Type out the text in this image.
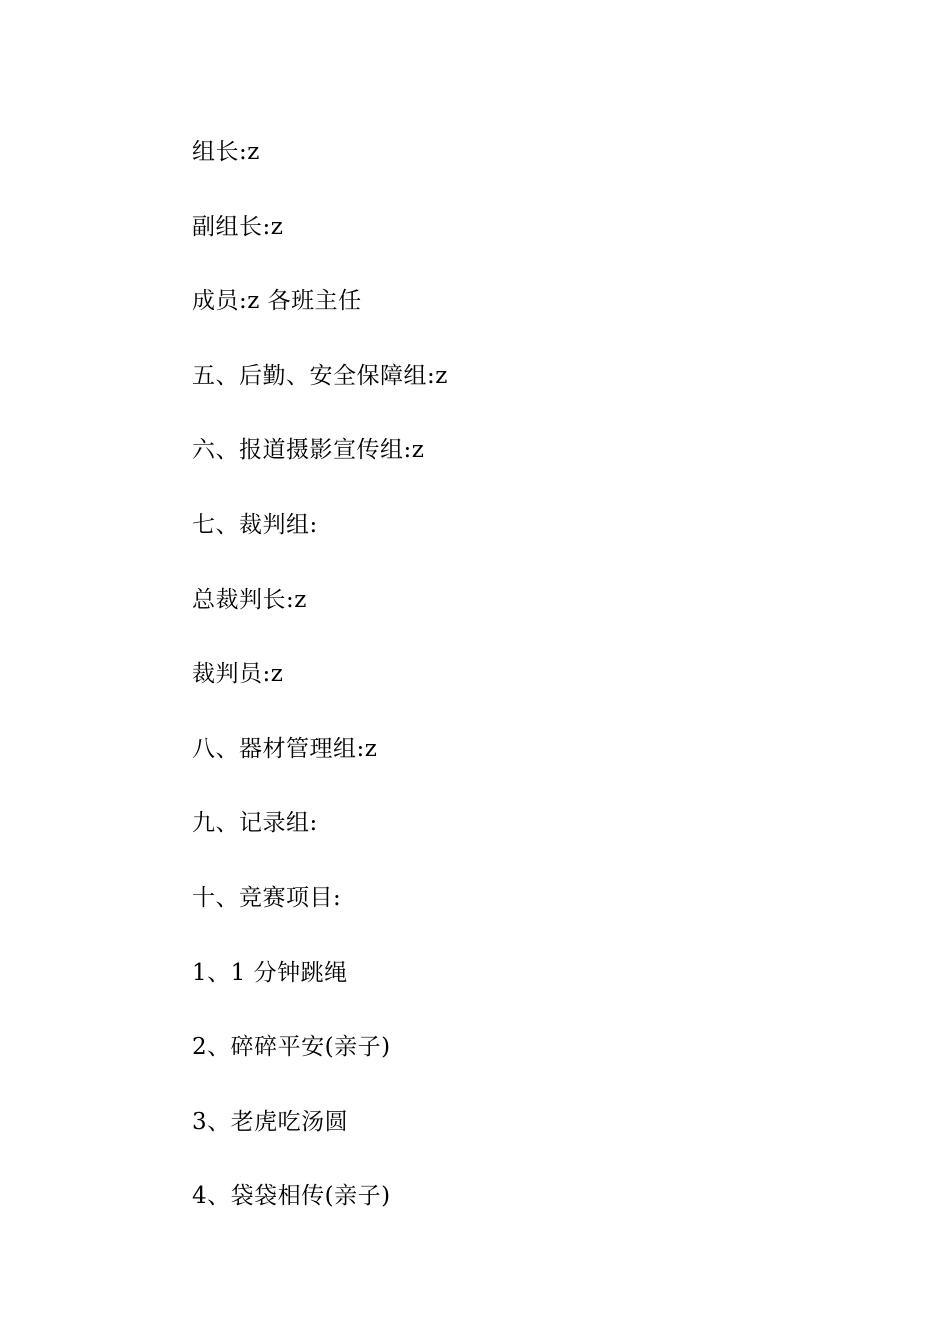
组长:z
副组长:z
成员:z 各班主任
五、后勤、安全保障组:z
六、报道摄影宣传组:z
七、裁判组:
总裁判长:z
裁判员:z
八、器材管理组:z
九、记录组:
十、竞赛项目:
1、1 分钟跳绳
2、碎碎平安(亲子)
3、老虎吃汤圆
4、袋袋相传(亲子)
